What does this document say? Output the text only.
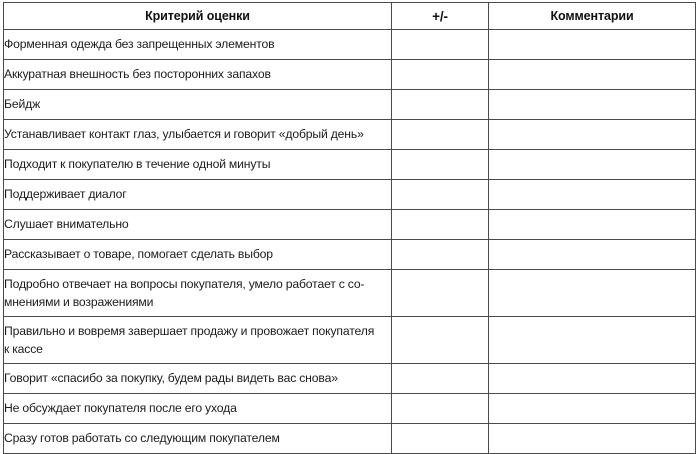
Критерий оценки	+/-	Комментарии

Форменная одежда без запрещенных элементов		

Аккуратная внешность без посторонних запахов		

Бейдж		

Устанавливает контакт глаз, улыбается и говорит «добрый день»		

Подходит к покупателю в течение одной минуты		

Поддерживает диалог		

Слушает внимательно		

Рассказывает о товаре, помогает сделать выбор		

Подробно отвечает на вопросы покупателя, умело работает с со-
мнениями и возражениями		

Правильно и вовремя завершает продажу и провожает покупателя
к кассе		

Говорит «спасибо за покупку, будем рады видеть вас снова»		

Не обсуждает покупателя после его ухода		

Сразу готов работать со следующим покупателем		
